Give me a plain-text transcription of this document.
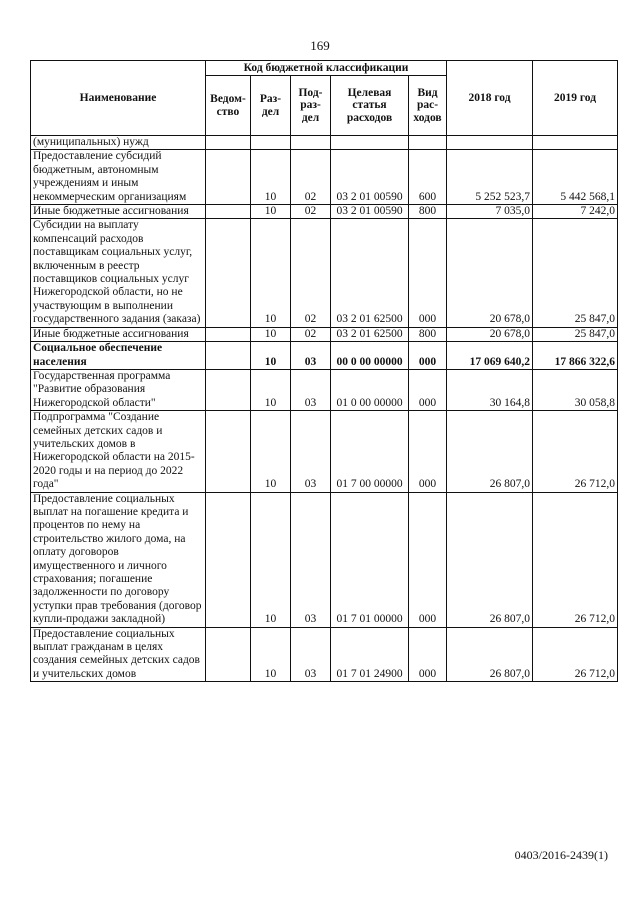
169
Наименование	Код бюджетной классификации					2018 год	2019 год
	Ведом-ство	Раз-дел	Под-раз-дел	Целевая статья расходов	Вид рас-ходов		
(муниципальных) нужд							
Предоставление субсидий бюджетным, автономным учреждениям и иным некоммерческим организациям		10	02	03 2 01 00590	600	5 252 523,7	5 442 568,1
Иные бюджетные ассигнования		10	02	03 2 01 00590	800	7 035,0	7 242,0
Субсидии на выплату компенсаций расходов поставщикам социальных услуг, включенным в реестр поставщиков социальных услуг Нижегородской области, но не участвующим в выполнении государственного задания (заказа)		10	02	03 2 01 62500	000	20 678,0	25 847,0
Иные бюджетные ассигнования		10	02	03 2 01 62500	800	20 678,0	25 847,0
Социальное обеспечение населения		10	03	00 0 00 00000	000	17 069 640,2	17 866 322,6
Государственная программа "Развитие образования Нижегородской области"		10	03	01 0 00 00000	000	30 164,8	30 058,8
Подпрограмма "Создание семейных детских садов и учительских домов в Нижегородской области на 2015-2020 годы и на период до 2022 года"		10	03	01 7 00 00000	000	26 807,0	26 712,0
Предоставление социальных выплат на погашение кредита и процентов по нему на строительство жилого дома, на оплату договоров имущественного и личного страхования; погашение задолженности по договору уступки прав требования (договор купли-продажи закладной)		10	03	01 7 01 00000	000	26 807,0	26 712,0
Предоставление социальных выплат гражданам в целях создания семейных детских садов и учительских домов		10	03	01 7 01 24900	000	26 807,0	26 712,0
0403/2016-2439(1)
